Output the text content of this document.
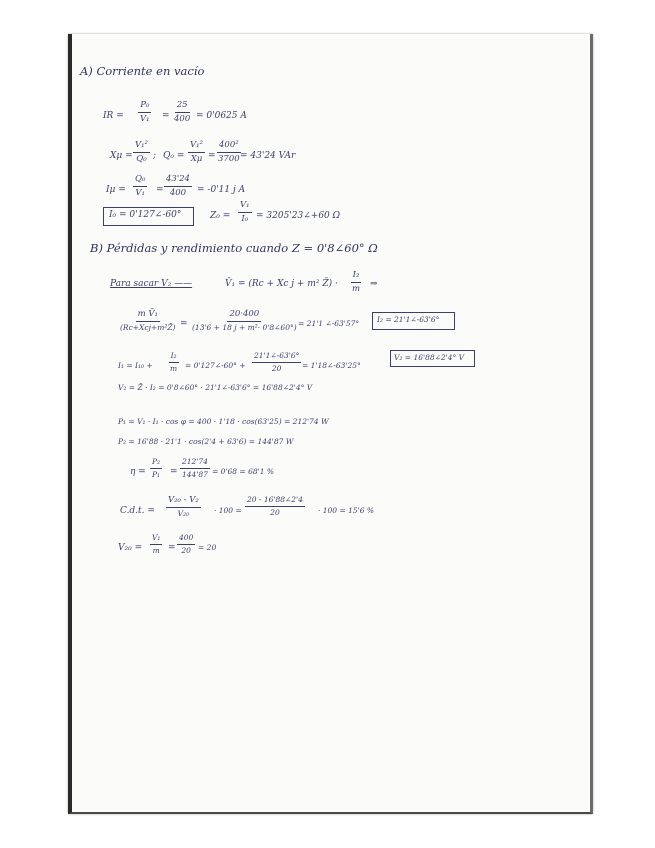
A) Corriente en vacío
IR = $\frac{\text{P₀}}{\text{V₁}} = \frac{25}{400} = 0'0625$ A
$X\mu = \frac{\text{V₁²}}{\text{Q₀}}$ ; $Q_0 = \frac{\text{V₁²}}{X\mu} = \frac{\text{400²}}{3700}$
= 43'24 VAr
$I\mu = \frac{\text{Q₀}}{\text{V₁}} = \frac{43'24}{400} = -0'11$ j A
I₀ = 0'127∠-60°	$Z_0 = \frac{\text{V₁}}{\text{I₀}}$ = 3205'23∠+60 Ω
B) Pérdidas y rendimiento cuando Z = 0'8∠60° Ω
Para sacar V₂ ——	V̄₁ = (Rc + Xc j + m² Z̄) · $\frac{\text{I₂}}{m}$ ⇒
m V̄₁
(Rc+Xcj+m²Z̄) = $\frac{20\cdot 400}{\text{(13'6 + 18 j + m²· 0'8∠60°)}} = 21'1$ ∠-63'57° I₂ = 21'1∠-63'6°
$I_1 = I_{10} + \frac{\text{I₂}}{m}$ = 0'127∠-60° + $\frac{21'1\angle-63'6^\circ}{20}$ = 1'18∠-63'25°
V₂ = 16'88∠2'4° V
V₂ = Z̄ · I₂ = 0'8∠60° · 21'1∠-63'6° = 16'88∠2'4° V
P₁ = V₁ · I₁ · cos φ = 400 · 1'18 · cos(63'25) = 212'74 W
P₂ = 16'88 · 21'1 · cos(2'4 + 63'6) = 144'87 W
$\eta = \frac{\text{P₂}}{\text{P₁}} = \frac{212'74}{144'87} = 0'68 = 68'1$ %
C.d.t. = $\frac{\text{V₂₀ - V₂}}{\text{V₂₀}} \cdot 100 = \frac{20 - 16'88\angle 2'4}{20} \cdot 100 = 15'6$ %
$V_{20} = \frac{\text{V₁}}{m} = \frac{400}{20} = 20$
